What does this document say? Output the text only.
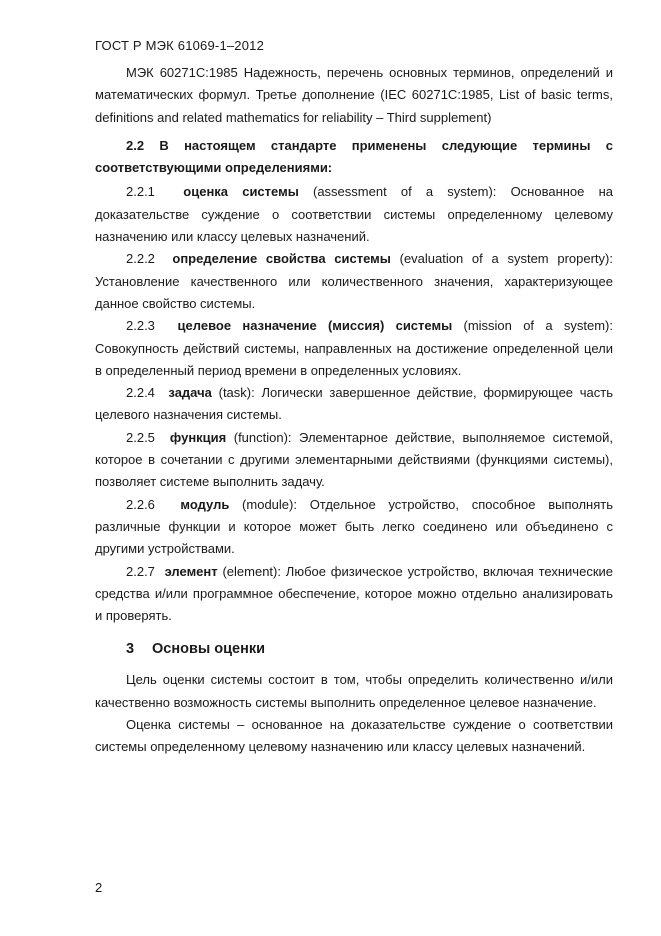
ГОСТ Р МЭК 61069-1–2012

МЭК 60271С:1985 Надежность, перечень основных терминов, определений и математических формул. Третье дополнение (IEC 60271С:1985, List of basic terms, definitions and related mathematics for reliability – Third supplement)

2.2 В настоящем стандарте применены следующие термины с соответствующими определениями:

2.2.1 оценка системы (assessment of a system): Основанное на доказательстве суждение о соответствии системы определенному целевому назначению или классу целевых назначений.

2.2.2 определение свойства системы (evaluation of a system property): Установление качественного или количественного значения, характеризующее данное свойство системы.

2.2.3 целевое назначение (миссия) системы (mission of a system): Совокупность действий системы, направленных на достижение определенной цели в определенный период времени в определенных условиях.

2.2.4 задача (task): Логически завершенное действие, формирующее часть целевого назначения системы.

2.2.5 функция (function): Элементарное действие, выполняемое системой, которое в сочетании с другими элементарными действиями (функциями системы), позволяет системе выполнить задачу.

2.2.6 модуль (module): Отдельное устройство, способное выполнять различные функции и которое может быть легко соединено или объединено с другими устройствами.

2.2.7 элемент (element): Любое физическое устройство, включая технические средства и/или программное обеспечение, которое можно отдельно анализировать и проверять.

3 Основы оценки

Цель оценки системы состоит в том, чтобы определить количественно и/или качественно возможность системы выполнить определенное целевое назначение.

Оценка системы – основанное на доказательстве суждение о соответствии системы определенному целевому назначению или классу целевых назначений.

2
